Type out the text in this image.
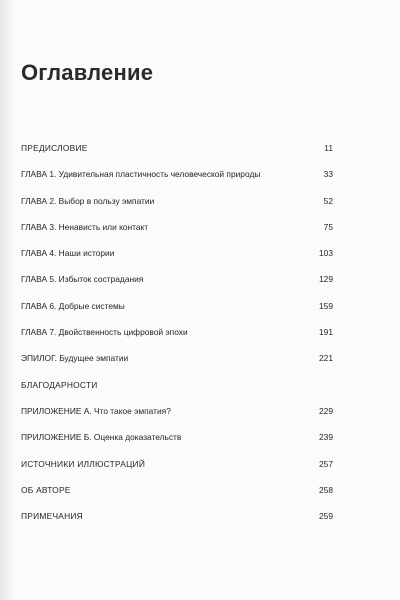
Оглавление
ПРЕДИСЛОВИЕ	11
ГЛАВА 1. Удивительная пластичность человеческой природы	33
ГЛАВА 2. Выбор в пользу эмпатии	52
ГЛАВА 3. Ненависть или контакт	75
ГЛАВА 4. Наши истории	103
ГЛАВА 5. Избыток сострадания	129
ГЛАВА 6. Добрые системы	159
ГЛАВА 7. Двойственность цифровой эпохи	191
ЭПИЛОГ. Будущее эмпатии	221
БЛАГОДАРНОСТИ
ПРИЛОЖЕНИЕ А. Что такое эмпатия?	229
ПРИЛОЖЕНИЕ Б. Оценка доказательств	239
ИСТОЧНИКИ ИЛЛЮСТРАЦИЙ	257
ОБ АВТОРЕ	258
ПРИМЕЧАНИЯ	259
